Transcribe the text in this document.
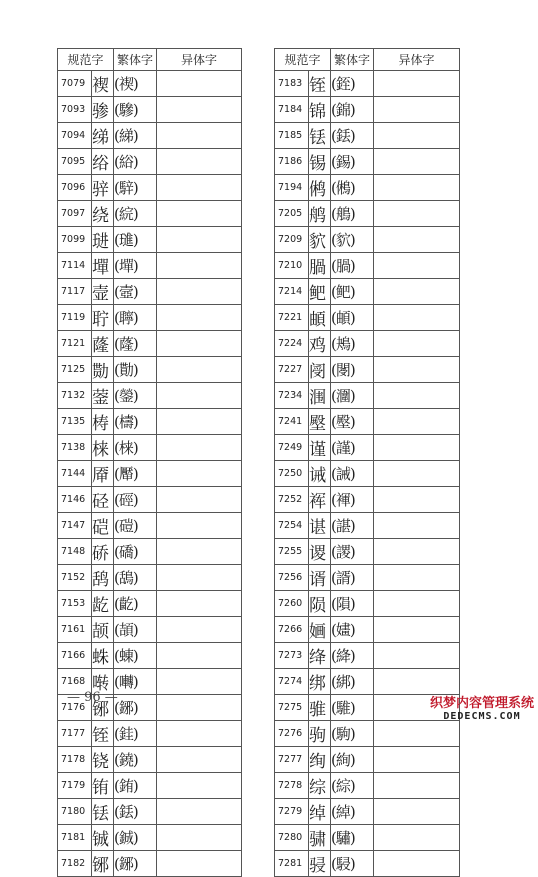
规范字		繁体字	异体字
7079	褉	(禊)	
7093	骖	(驂)	
7094	绨	(綈)	
7095	绤	(綌)	
7096	骍	(騂)	
7097	绕	(綄)	
7099	琎	(璡)	
7114	墠	(墠)	
7117	壸	(壼)	
7119	聍	(聹)	
7121	蕯	(蕯)	
7125	勚	(勩)	
7132	蓥	(鎣)	
7135	梼	(檮)	
7138	梾	(梾)	
7144	厣	(厴)	
7146	硁	(硜)	
7147	硙	(磑)	
7148	硚	(礄)	
7152	鸹	(鴰)	
7153	龁	(齕)	
7161	颉	(頡)	
7166	蛛	(蝀)	
7168	啭	(囀)	
7176	铘	(鋣)	
7177	铚	(銈)	
7178	铙	(鐃)	
7179	铕	(銪)	
7180	铥	(銩)	
7181	铖	(鋮)	
7182	铘	(鋣)	
规范字		繁体字	异体字
7183	铚	(銍)	
7184	锦	(錦)	
7185	铥	(銩)	
7186	锡	(錫)	
7194	鸺	(鵂)	
7205	鸼	(鵃)	
7209	貁	(貁)	
7210	腡	(腡)	
7214	鲃	(鲃)	
7221	頔	(頔)	
7224	鸡	(鴂)	
7227	阌	(閿)	
7234	涠	(潿)	
7241	壂	(壂)	
7249	谨	(謹)	
7250	诫	(誡)	
7252	裈	(褌)	
7254	谌	(諶)	
7255	谡	(謖)	
7256	谞	(諝)	
7260	陨	(隕)	
7266	婳	(嫿)	
7273	绛	(絳)	
7274	绑	(綁)	
7275	骓	(騅)	
7276	驹	(駒)	
7277	绚	(絢)	
7278	综	(綜)	
7279	绰	(綽)	
7280	骕	(驌)	
7281	骎	(駸)	
— 96 —	织梦内容管理系统
DEDECMS.COM
